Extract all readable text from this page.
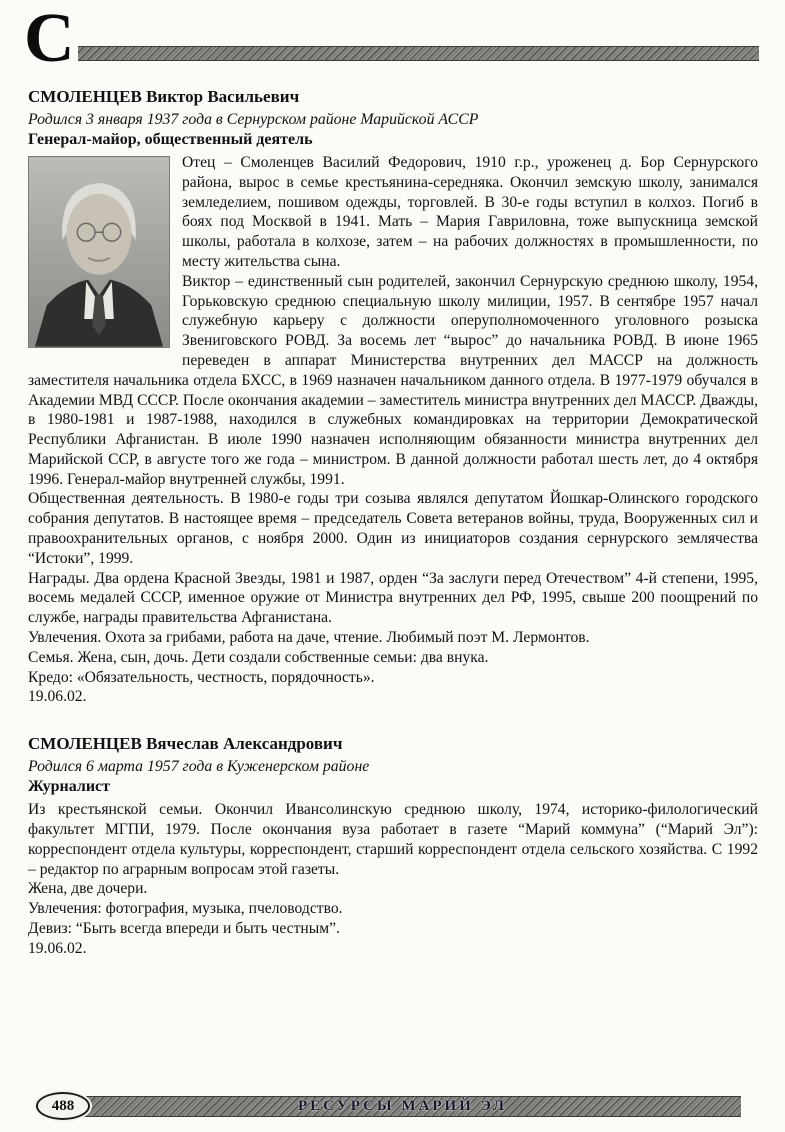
С
СМОЛЕНЦЕВ Виктор Васильевич

Родился 3 января 1937 года в Сернурском районе Марийской АССР

Генерал-майор, общественный деятель

Отец – Смоленцев Василий Федорович, 1910 г.р., уроженец д. Бор Сернурского района, вырос в семье крестьянина-середняка. Окончил земскую школу, занимался земледелием, пошивом одежды, торговлей. В 30-е годы вступил в колхоз. Погиб в боях под Москвой в 1941. Мать – Мария Гавриловна, тоже выпускница земской школы, работала в колхозе, затем – на рабочих должностях в промышленности, по месту жительства сына.

Виктор – единственный сын родителей, закончил Сернурскую среднюю школу, 1954, Горьковскую среднюю специальную школу милиции, 1957. В сентябре 1957 начал служебную карьеру с должности оперуполномоченного уголовного розыска Звениговского РОВД. За восемь лет “вырос” до начальника РОВД. В июне 1965 переведен в аппарат Министерства внутренних дел МАССР на должность заместителя начальника отдела БХСС, в 1969 назначен начальником данного отдела. В 1977-1979 обучался в Академии МВД СССР. После окончания академии – заместитель министра внутренних дел МАССР. Дважды, в 1980-1981 и 1987-1988, находился в служебных командировках на территории Демократической Республики Афганистан. В июле 1990 назначен исполняющим обязанности министра внутренних дел Марийской ССР, в августе того же года – министром. В данной должности работал шесть лет, до 4 октября 1996. Генерал-майор внутренней службы, 1991.

Общественная деятельность. В 1980-е годы три созыва являлся депутатом Йошкар-Олинского городского собрания депутатов. В настоящее время – председатель Совета ветеранов войны, труда, Вооруженных сил и правоохранительных органов, с ноября 2000. Один из инициаторов создания сернурского землячества “Истоки”, 1999.

Награды. Два ордена Красной Звезды, 1981 и 1987, орден “За заслуги перед Отечеством” 4-й степени, 1995, восемь медалей СССР, именное оружие от Министра внутренних дел РФ, 1995, свыше 200 поощрений по службе, награды правительства Афганистана.

Увлечения. Охота за грибами, работа на даче, чтение. Любимый поэт М. Лермонтов.

Семья. Жена, сын, дочь. Дети создали собственные семьи: два внука.

Кредо: «Обязательность, честность, порядочность».

19.06.02.

СМОЛЕНЦЕВ Вячеслав Александрович

Родился 6 марта 1957 года в Куженерском районе

Журналист

Из крестьянской семьи. Окончил Ивансолинскую среднюю школу, 1974, историко-филологический факультет МГПИ, 1979. После окончания вуза работает в газете “Марий коммуна” (“Марий Эл”): корреспондент отдела культуры, корреспондент, старший корреспондент отдела сельского хозяйства. С 1992 – редактор по аграрным вопросам этой газеты.

Жена, две дочери.

Увлечения: фотография, музыка, пчеловодство.

Девиз: “Быть всегда впереди и быть честным”.

19.06.02.

РЕСУРСЫ МАРИЙ ЭЛ
488
